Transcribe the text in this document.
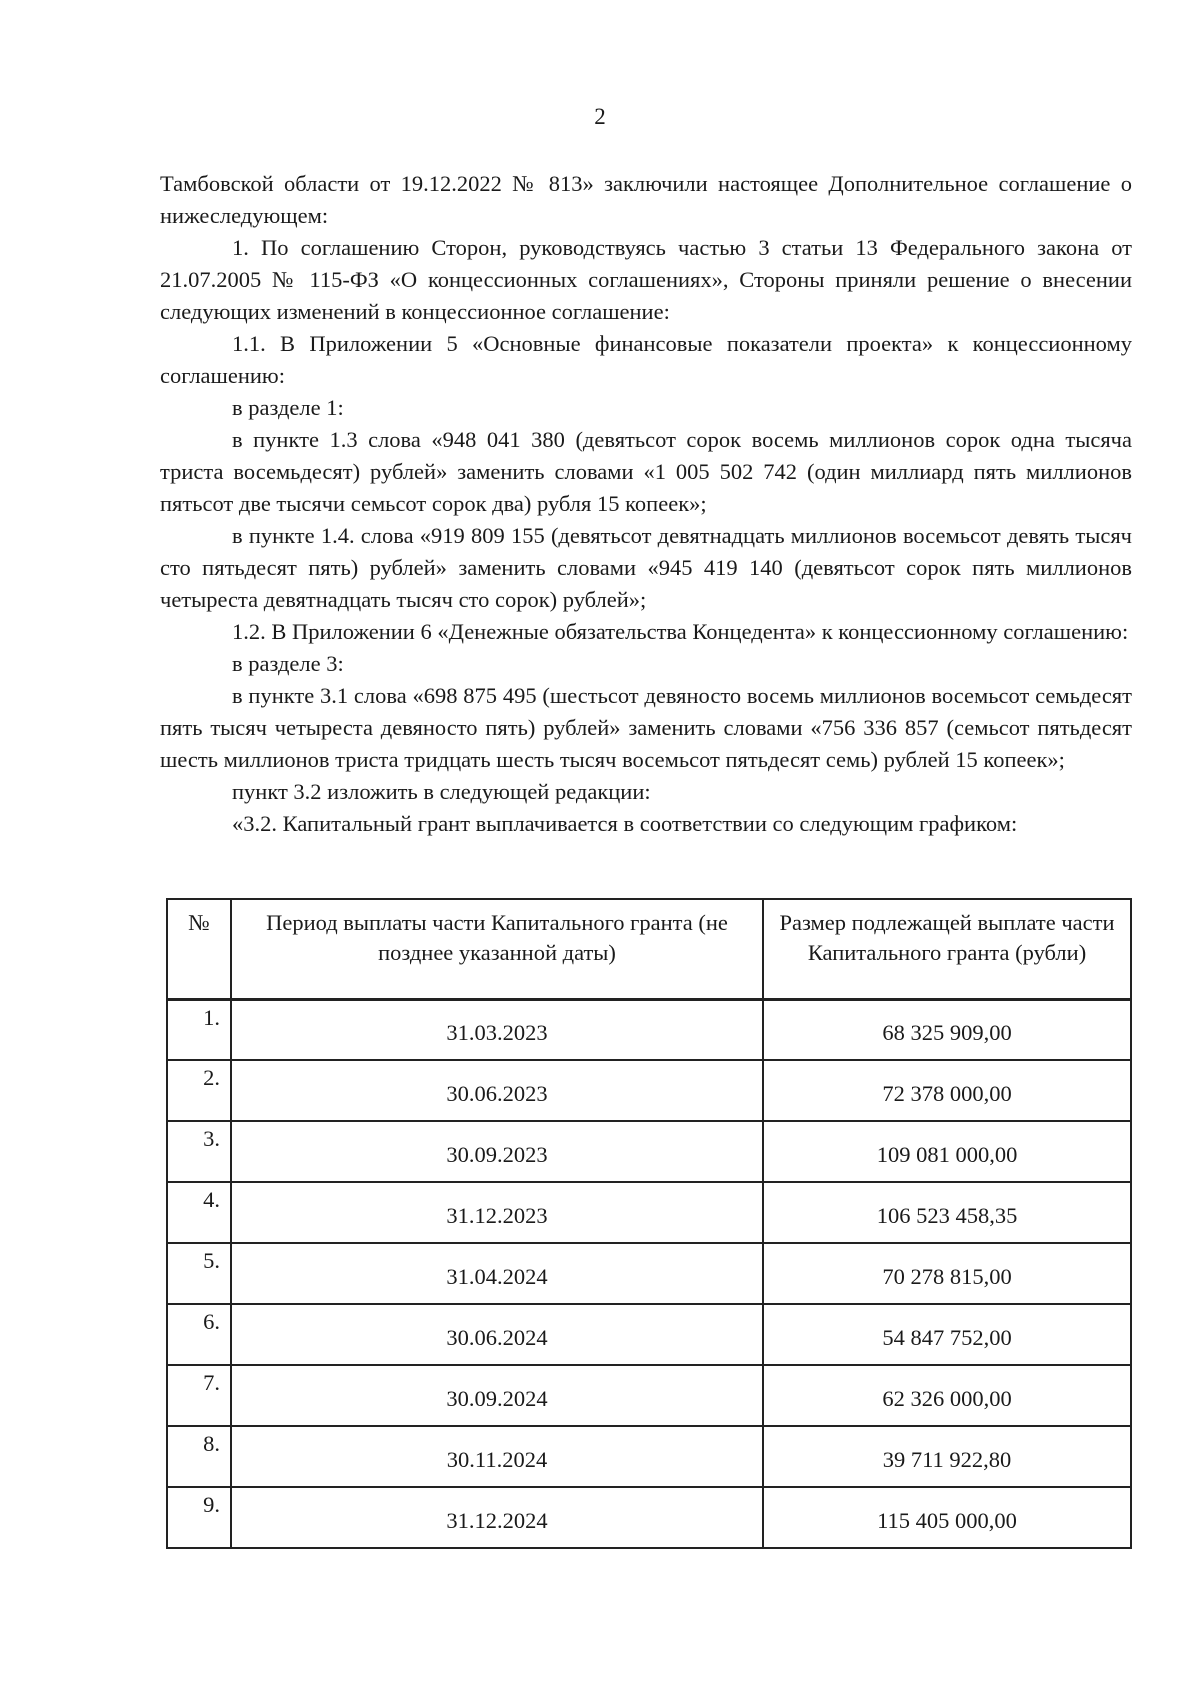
2

Тамбовской области от 19.12.2022 № 813» заключили настоящее Дополнительное соглашение о нижеследующем:

1. По соглашению Сторон, руководствуясь частью 3 статьи 13 Федерального закона от 21.07.2005 № 115-ФЗ «О концессионных соглашениях», Стороны приняли решение о внесении следующих изменений в концессионное соглашение:

1.1. В Приложении 5 «Основные финансовые показатели проекта» к концессионному соглашению:

в разделе 1:

в пункте 1.3 слова «948 041 380 (девятьсот сорок восемь миллионов сорок одна тысяча триста восемьдесят) рублей» заменить словами «1 005 502 742 (один миллиард пять миллионов пятьсот две тысячи семьсот сорок два) рубля 15 копеек»;

в пункте 1.4. слова «919 809 155 (девятьсот девятнадцать миллионов восемьсот девять тысяч сто пятьдесят пять) рублей» заменить словами «945 419 140 (девятьсот сорок пять миллионов четыреста девятнадцать тысяч сто сорок) рублей»;

1.2. В Приложении 6 «Денежные обязательства Концедента» к концессионному соглашению:

в разделе 3:

в пункте 3.1 слова «698 875 495 (шестьсот девяносто восемь миллионов восемьсот семьдесят пять тысяч четыреста девяносто пять) рублей» заменить словами «756 336 857 (семьсот пятьдесят шесть миллионов триста тридцать шесть тысяч восемьсот пятьдесят семь) рублей 15 копеек»;

пункт 3.2 изложить в следующей редакции:

«3.2. Капитальный грант выплачивается в соответствии со следующим графиком:

№	Период выплаты части Капитального гранта (не позднее указанной даты)	Размер подлежащей выплате части Капитального гранта (рубли)
1.	31.03.2023	68 325 909,00
2.	30.06.2023	72 378 000,00
3.	30.09.2023	109 081 000,00
4.	31.12.2023	106 523 458,35
5.	31.04.2024	70 278 815,00
6.	30.06.2024	54 847 752,00
7.	30.09.2024	62 326 000,00
8.	30.11.2024	39 711 922,80
9.	31.12.2024	115 405 000,00
